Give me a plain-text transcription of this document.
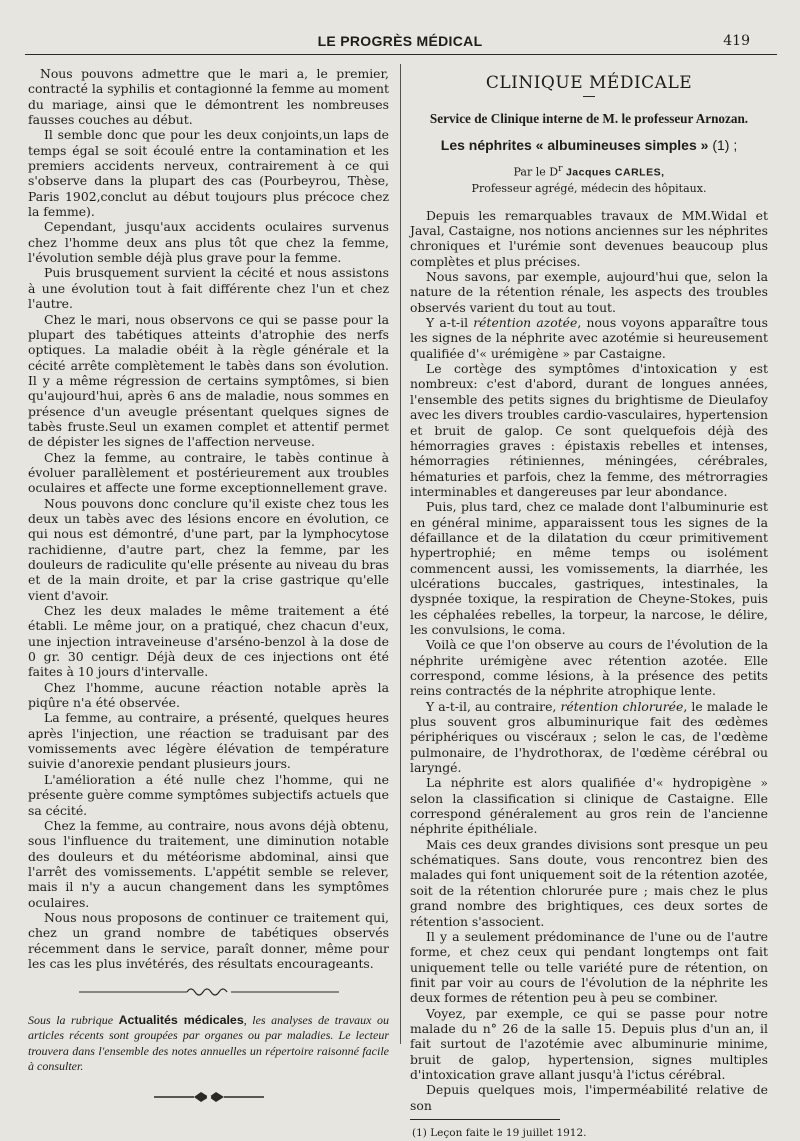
LE PROGRÈS MÉDICAL	419

Nous pouvons admettre que le mari a, le premier, contracté la syphilis et contagionné la femme au moment du mariage, ainsi que le démontrent les nombreuses fausses couches au début.

Il semble donc que pour les deux conjoints,un laps de temps égal se soit écoulé entre la contamination et les premiers accidents nerveux, contrairement à ce qui s'observe dans la plupart des cas (Pourbeyrou, Thèse, Paris 1902,conclut au début toujours plus précoce chez la femme).

Cependant, jusqu'aux accidents oculaires survenus chez l'homme deux ans plus tôt que chez la femme, l'évolution semble déjà plus grave pour la femme.

Puis brusquement survient la cécité et nous assistons à une évolution tout à fait différente chez l'un et chez l'autre.

Chez le mari, nous observons ce qui se passe pour la plupart des tabétiques atteints d'atrophie des nerfs optiques. La maladie obéit à la règle générale et la cécité arrête complètement le tabès dans son évolution. Il y a même régression de certains symptômes, si bien qu'aujourd'hui, après 6 ans de maladie, nous sommes en présence d'un aveugle présentant quelques signes de tabès fruste.Seul un examen complet et attentif permet de dépister les signes de l'affection nerveuse.

Chez la femme, au contraire, le tabès continue à évoluer parallèlement et postérieurement aux troubles oculaires et affecte une forme exceptionnellement grave.

Nous pouvons donc conclure qu'il existe chez tous les deux un tabès avec des lésions encore en évolution, ce qui nous est démontré, d'une part, par la lymphocytose rachidienne, d'autre part, chez la femme, par les douleurs de radiculite qu'elle présente au niveau du bras et de la main droite, et par la crise gastrique qu'elle vient d'avoir.

Chez les deux malades le même traitement a été établi. Le même jour, on a pratiqué, chez chacun d'eux, une injection intraveineuse d'arséno-benzol à la dose de 0 gr. 30 centigr. Déjà deux de ces injections ont été faites à 10 jours d'intervalle.

Chez l'homme, aucune réaction notable après la piqûre n'a été observée.

La femme, au contraire, a présenté, quelques heures après l'injection, une réaction se traduisant par des vomissements avec légère élévation de température suivie d'anorexie pendant plusieurs jours.

L'amélioration a été nulle chez l'homme, qui ne présente guère comme symptômes subjectifs actuels que sa cécité.

Chez la femme, au contraire, nous avons déjà obtenu, sous l'influence du traitement, une diminution notable des douleurs et du météorisme abdominal, ainsi que l'arrêt des vomissements. L'appétit semble se relever, mais il n'y a aucun changement dans les symptômes oculaires.

Nous nous proposons de continuer ce traitement qui, chez un grand nombre de tabétiques observés récemment dans le service, paraît donner, même pour les cas les plus invétérés, des résultats encourageants.

Sous la rubrique Actualités médicales, les analyses de travaux ou articles récents sont groupées par organes ou par maladies. Le lecteur trouvera dans l'ensemble des notes annuelles un répertoire raisonné facile à consulter.

CLINIQUE MÉDICALE
Service de Clinique interne de M. le professeur Arnozan.
Les néphrites « albumineuses simples » (1) ;
Par le $D^r$ Jacques CARLES,
Professeur agrégé, médecin des hôpitaux.

Depuis les remarquables travaux de MM.Widal et Javal, Castaigne, nos notions anciennes sur les néphrites chroniques et l'urémie sont devenues beaucoup plus complètes et plus précises.

Nous savons, par exemple, aujourd'hui que, selon la nature de la rétention rénale, les aspects des troubles observés varient du tout au tout.

Y a-t-il rétention azotée, nous voyons apparaître tous les signes de la néphrite avec azotémie si heureusement qualifiée d'« urémigène » par Castaigne.

Le cortège des symptômes d'intoxication y est nombreux: c'est d'abord, durant de longues années, l'ensemble des petits signes du brightisme de Dieulafoy avec les divers troubles cardio-vasculaires, hypertension et bruit de galop. Ce sont quelquefois déjà des hémorragies graves : épistaxis rebelles et intenses, hémorragies rétiniennes, méningées, cérébrales, hématuries et parfois, chez la femme, des métrorragies interminables et dangereuses par leur abondance.

Puis, plus tard, chez ce malade dont l'albuminurie est en général minime, apparaissent tous les signes de la défaillance et de la dilatation du cœur primitivement hypertrophié; en même temps ou isolément commencent aussi, les vomissements, la diarrhée, les ulcérations buccales, gastriques, intestinales, la dyspnée toxique, la respiration de Cheyne-Stokes, puis les céphalées rebelles, la torpeur, la narcose, le délire, les convulsions, le coma.

Voilà ce que l'on observe au cours de l'évolution de la néphrite urémigène avec rétention azotée. Elle correspond, comme lésions, à la présence des petits reins contractés de la néphrite atrophique lente.

Y a-t-il, au contraire, rétention chlorurée, le malade le plus souvent gros albuminurique fait des œdèmes périphériques ou viscéraux ; selon le cas, de l'œdème pulmonaire, de l'hydrothorax, de l'œdème cérébral ou laryngé.

La néphrite est alors qualifiée d'« hydropigène » selon la classification si clinique de Castaigne. Elle correspond généralement au gros rein de l'ancienne néphrite épithéliale.

Mais ces deux grandes divisions sont presque un peu schématiques. Sans doute, vous rencontrez bien des malades qui font uniquement soit de la rétention azotée, soit de la rétention chlorurée pure ; mais chez le plus grand nombre des brightiques, ces deux sortes de rétention s'associent.

Il y a seulement prédominance de l'une ou de l'autre forme, et chez ceux qui pendant longtemps ont fait uniquement telle ou telle variété pure de rétention, on finit par voir au cours de l'évolution de la néphrite les deux formes de rétention peu à peu se combiner.

Voyez, par exemple, ce qui se passe pour notre malade du n° 26 de la salle 15. Depuis plus d'un an, il fait surtout de l'azotémie avec albuminurie minime, bruit de galop, hypertension, signes multiples d'intoxication grave allant jusqu'à l'ictus cérébral.

Depuis quelques mois, l'imperméabilité relative de son

(1) Leçon faite le 19 juillet 1912.
